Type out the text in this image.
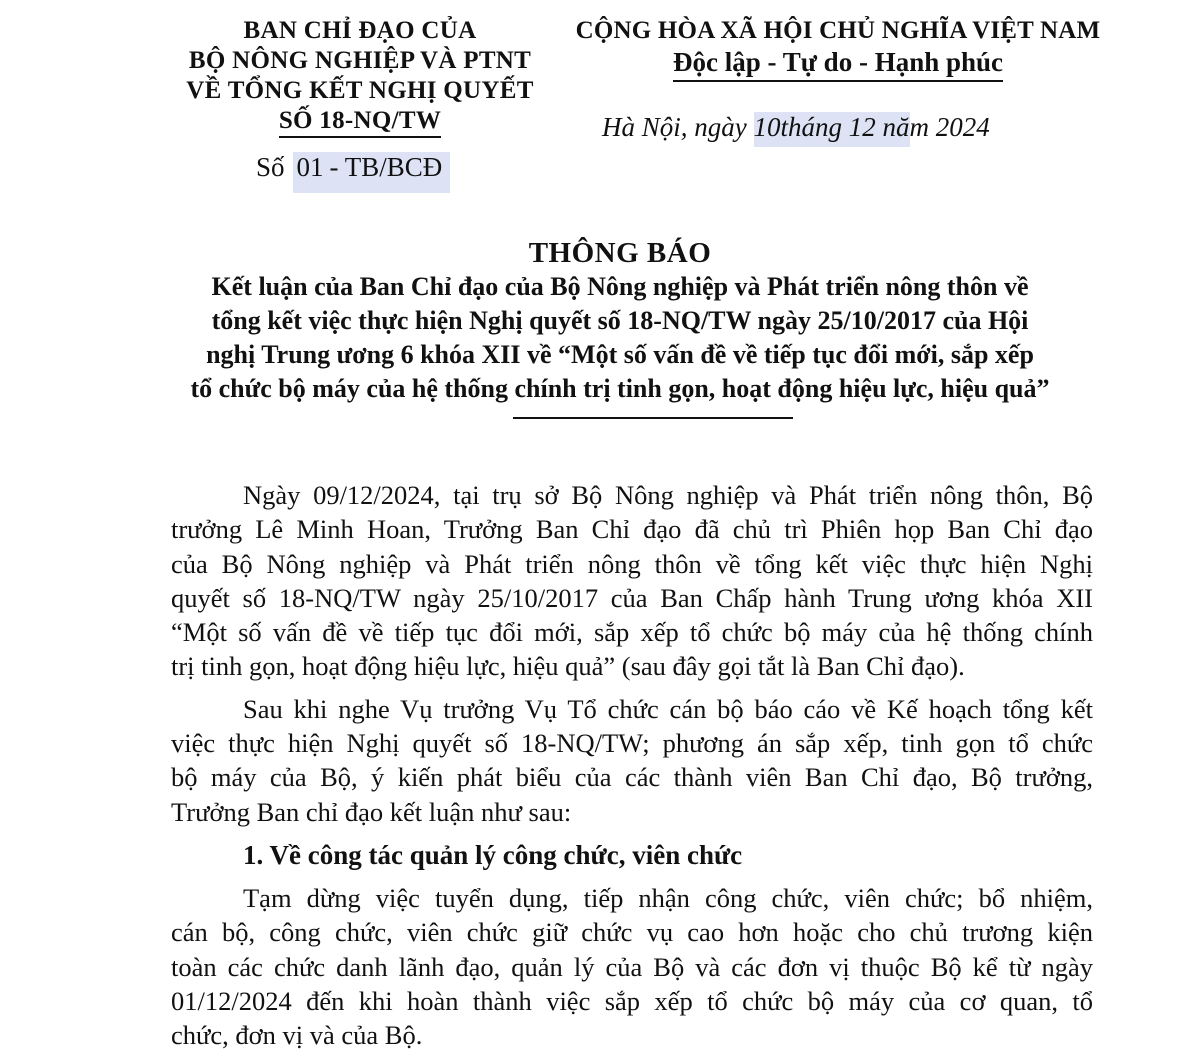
BAN CHỈ ĐẠO CỦA
BỘ NÔNG NGHIỆP VÀ PTNT
VỀ TỔNG KẾT NGHỊ QUYẾT
SỐ 18-NQ/TW
Số 01 - TB/BCĐ
CỘNG HÒA XÃ HỘI CHỦ NGHĨA VIỆT NAM
Độc lập - Tự do - Hạnh phúc
Hà Nội, ngày 10tháng 12 năm 2024
THÔNG BÁO
Kết luận của Ban Chỉ đạo của Bộ Nông nghiệp và Phát triển nông thôn về
tổng kết việc thực hiện Nghị quyết số 18-NQ/TW ngày 25/10/2017 của Hội
nghị Trung ương 6 khóa XII về “Một số vấn đề về tiếp tục đổi mới, sắp xếp
tổ chức bộ máy của hệ thống chính trị tinh gọn, hoạt động hiệu lực, hiệu quả”
Ngày 09/12/2024, tại trụ sở Bộ Nông nghiệp và Phát triển nông thôn, Bộ
trưởng Lê Minh Hoan, Trưởng Ban Chỉ đạo đã chủ trì Phiên họp Ban Chỉ đạo
của Bộ Nông nghiệp và Phát triển nông thôn về tổng kết việc thực hiện Nghị
quyết số 18-NQ/TW ngày 25/10/2017 của Ban Chấp hành Trung ương khóa XII
“Một số vấn đề về tiếp tục đổi mới, sắp xếp tổ chức bộ máy của hệ thống chính
trị tinh gọn, hoạt động hiệu lực, hiệu quả” (sau đây gọi tắt là Ban Chỉ đạo).
Sau khi nghe Vụ trưởng Vụ Tổ chức cán bộ báo cáo về Kế hoạch tổng kết
việc thực hiện Nghị quyết số 18-NQ/TW; phương án sắp xếp, tinh gọn tổ chức
bộ máy của Bộ, ý kiến phát biểu của các thành viên Ban Chỉ đạo, Bộ trưởng,
Trưởng Ban chỉ đạo kết luận như sau:
1. Về công tác quản lý công chức, viên chức
Tạm dừng việc tuyển dụng, tiếp nhận công chức, viên chức; bổ nhiệm,
cán bộ, công chức, viên chức giữ chức vụ cao hơn hoặc cho chủ trương kiện
toàn các chức danh lãnh đạo, quản lý của Bộ và các đơn vị thuộc Bộ kể từ ngày
01/12/2024 đến khi hoàn thành việc sắp xếp tổ chức bộ máy của cơ quan, tổ
chức, đơn vị và của Bộ.
